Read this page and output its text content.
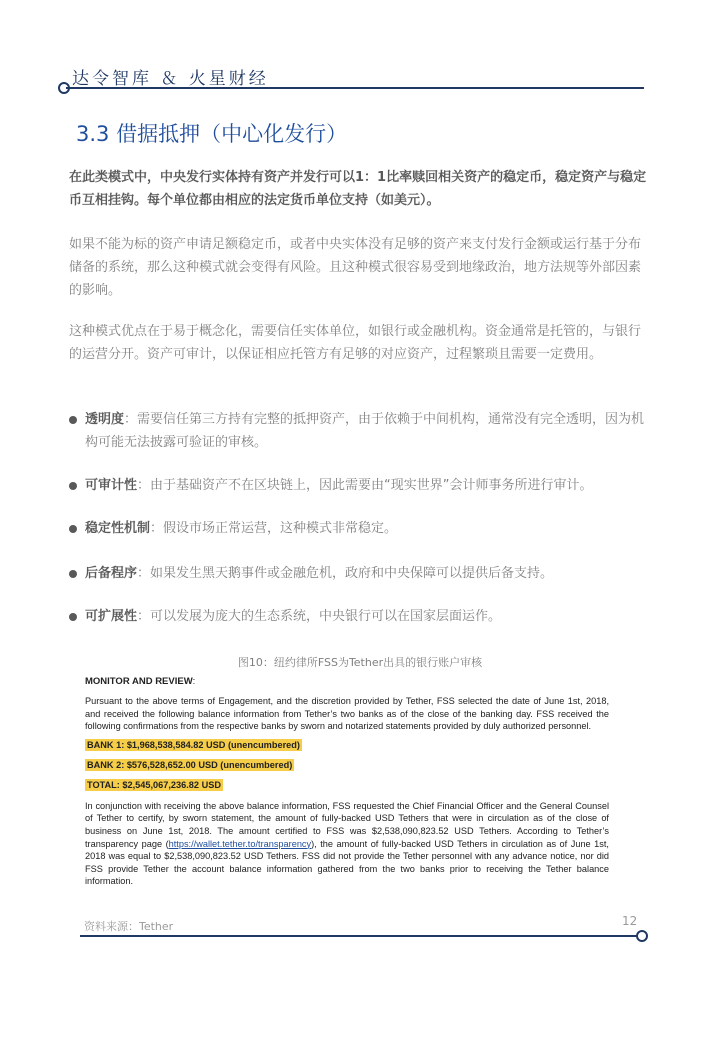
达令智库 ＆ 火星财经
3.3 借据抵押（中心化发行）
在此类模式中，中央发行实体持有资产并发行可以1：1比率赎回相关资产的稳定币，稳定资产与稳定币互相挂钩。每个单位都由相应的法定货币单位支持（如美元）。
如果不能为标的资产申请足额稳定币，或者中央实体没有足够的资产来支付发行金额或运行基于分布储备的系统，那么这种模式就会变得有风险。且这种模式很容易受到地缘政治，地方法规等外部因素的影响。
这种模式优点在于易于概念化，需要信任实体单位，如银行或金融机构。资金通常是托管的，与银行的运营分开。资产可审计，以保证相应托管方有足够的对应资产，过程繁琐且需要一定费用。
透明度：需要信任第三方持有完整的抵押资产，由于依赖于中间机构，通常没有完全透明，因为机构可能无法披露可验证的审核。
可审计性：由于基础资产不在区块链上，因此需要由“现实世界”会计师事务所进行审计。
稳定性机制：假设市场正常运营，这种模式非常稳定。
后备程序：如果发生黑天鹅事件或金融危机，政府和中央保障可以提供后备支持。
可扩展性：可以发展为庞大的生态系统，中央银行可以在国家层面运作。
图10：纽约律所FSS为Tether出具的银行账户审核
MONITOR AND REVIEW:

Pursuant to the above terms of Engagement, and the discretion provided by Tether, FSS selected the date of June 1st, 2018, and received the following balance information from Tether’s two banks as of the close of the banking day. FSS received the following confirmations from the respective banks by sworn and notarized statements provided by duly authorized personnel.

BANK 1: $1,968,538,584.82 USD (unencumbered)
BANK 2: $576,528,652.00 USD (unencumbered)
TOTAL: $2,545,067,236.82 USD

In conjunction with receiving the above balance information, FSS requested the Chief Financial Officer and the General Counsel of Tether to certify, by sworn statement, the amount of fully-backed USD Tethers that were in circulation as of the close of business on June 1st, 2018. The amount certified to FSS was $2,538,090,823.52 USD Tethers. According to Tether’s transparency page (https://wallet.tether.to/transparency), the amount of fully-backed USD Tethers in circulation as of June 1st, 2018 was equal to $2,538,090,823.52 USD Tethers. FSS did not provide the Tether personnel with any advance notice, nor did FSS provide Tether the account balance information gathered from the two banks prior to receiving the Tether balance information.

资料来源：Tether	12
